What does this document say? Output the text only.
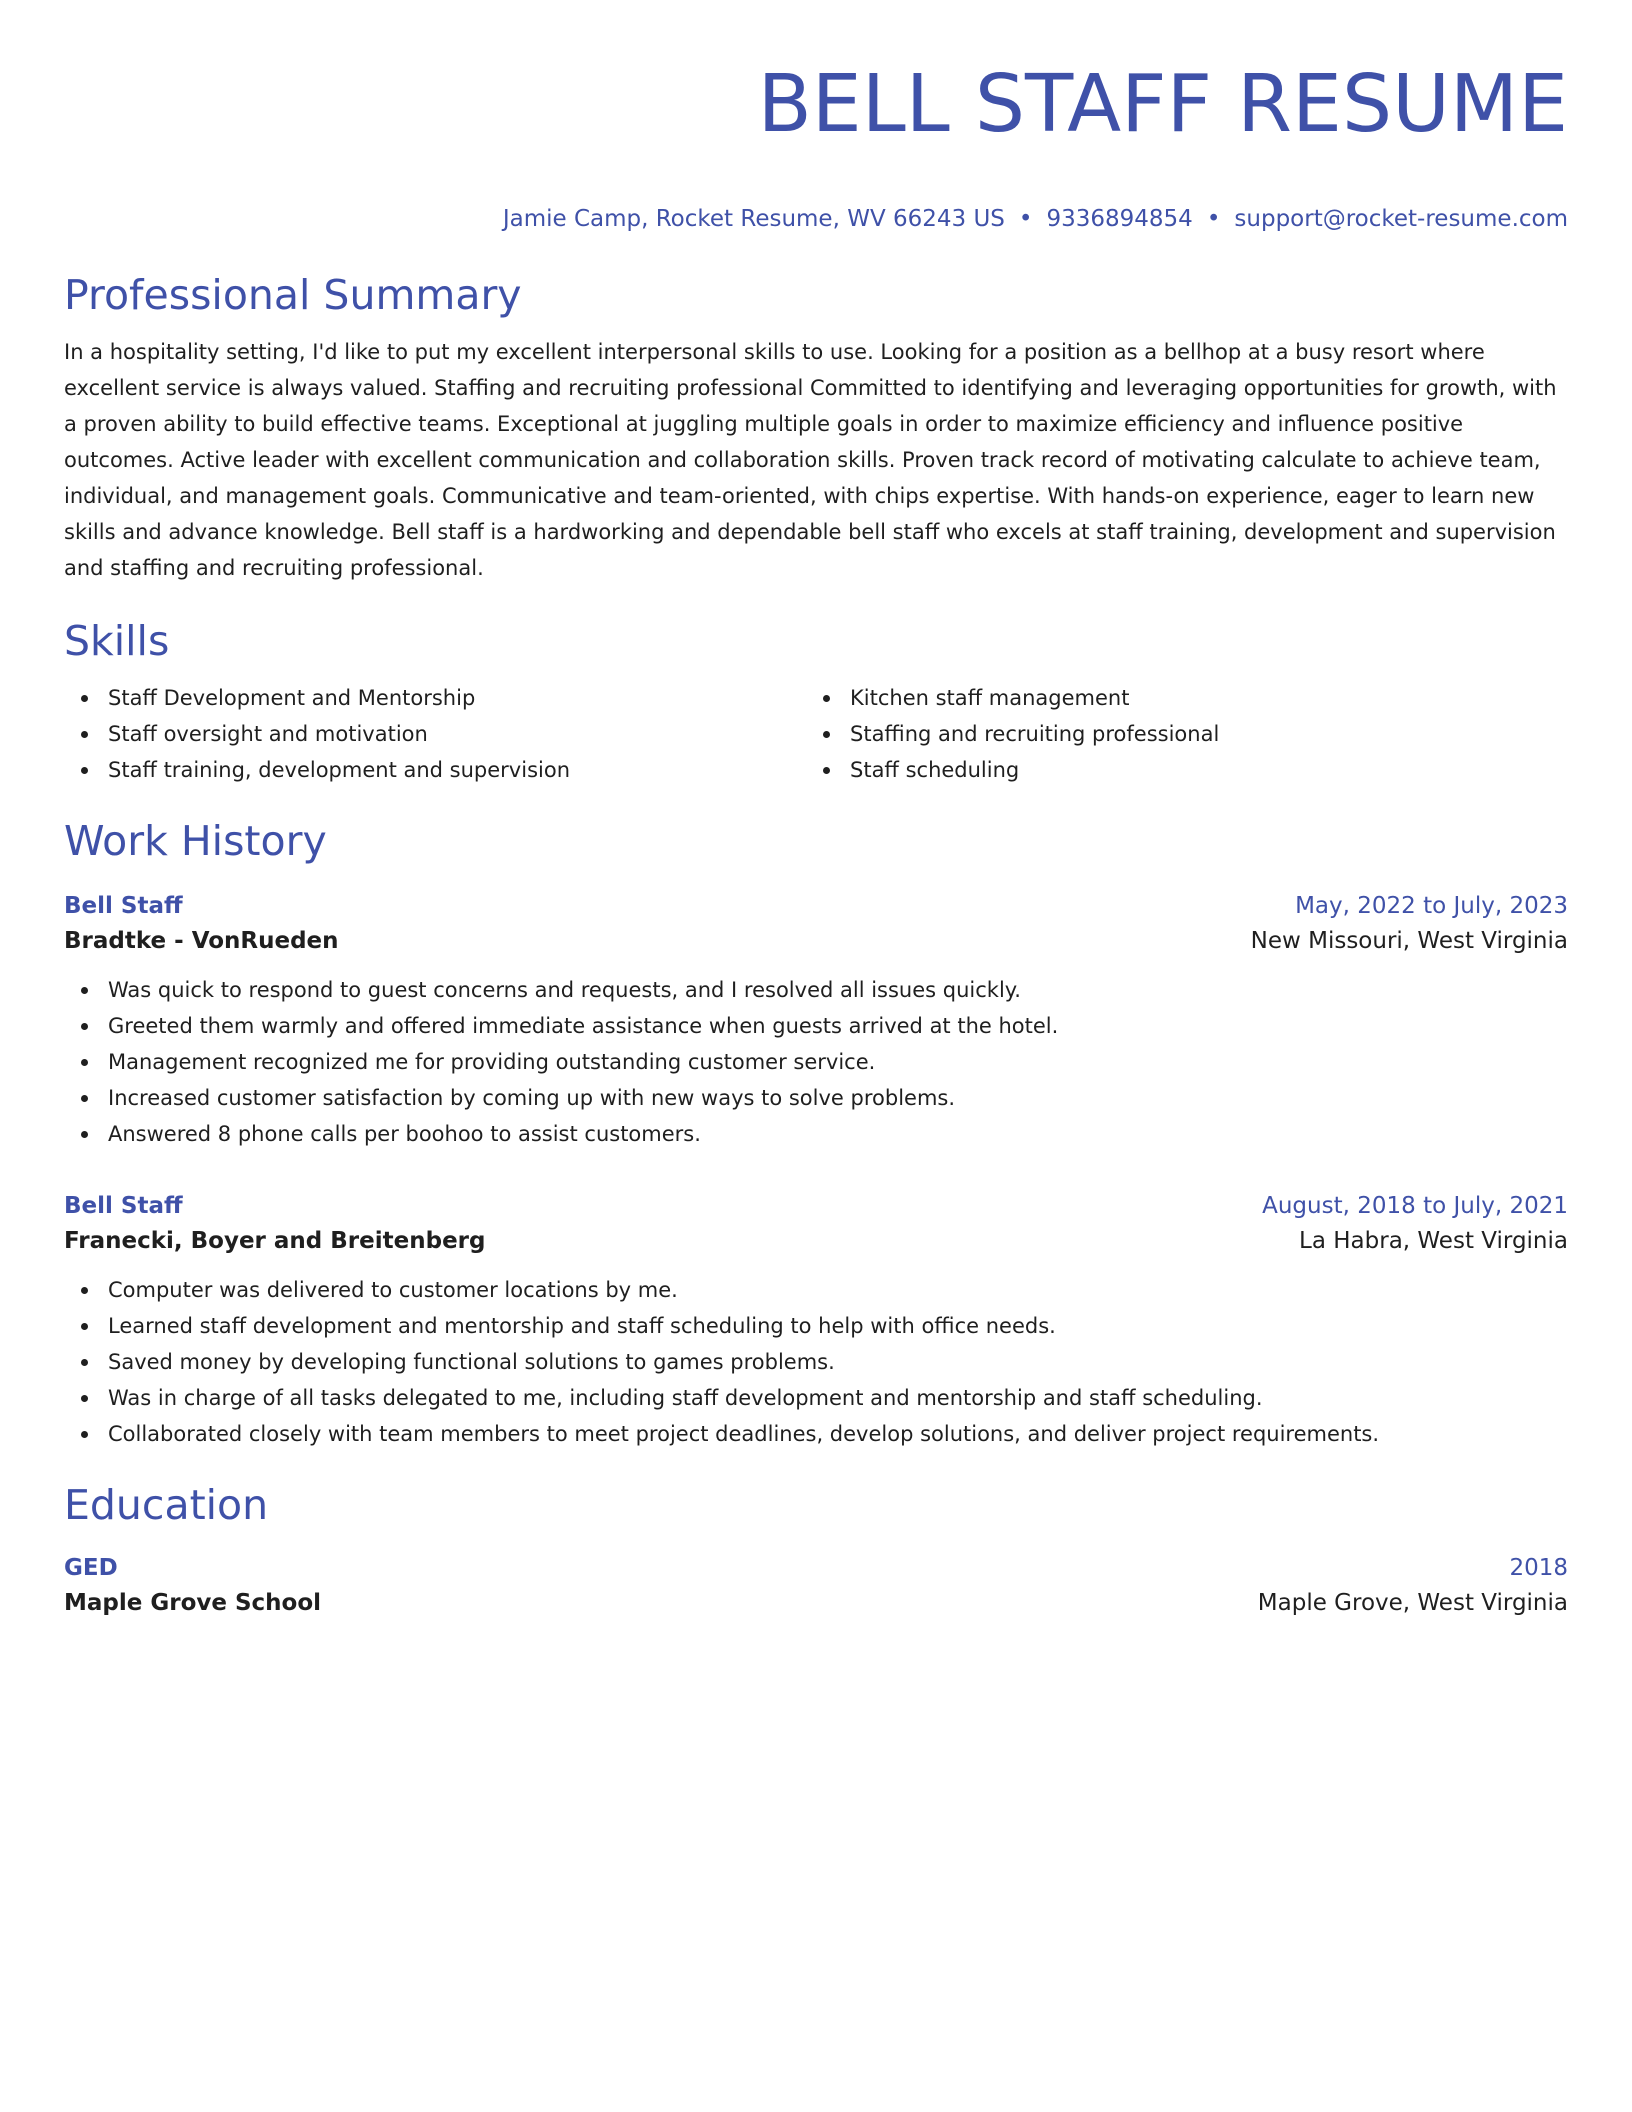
BELL STAFF RESUME
Jamie Camp, Rocket Resume, WV 66243 US • 9336894854 • support@rocket-resume.com
Professional Summary

In a hospitality setting, I'd like to put my excellent interpersonal skills to use. Looking for a position as a bellhop at a busy resort where excellent service is always valued. Staffing and recruiting professional Committed to identifying and leveraging opportunities for growth, with a proven ability to build effective teams. Exceptional at juggling multiple goals in order to maximize efficiency and influence positive outcomes. Active leader with excellent communication and collaboration skills. Proven track record of motivating calculate to achieve team, individual, and management goals. Communicative and team-oriented, with chips expertise. With hands-on experience, eager to learn new skills and advance knowledge. Bell staff is a hardworking and dependable bell staff who excels at staff training, development and supervision and staffing and recruiting professional.

Skills
Staff Development and Mentorship
Staff oversight and motivation
Staff training, development and supervision
Kitchen staff management
Staffing and recruiting professional
Staff scheduling
Work History
Bell Staff	May, 2022 to July, 2023
Bradtke - VonRueden	New Missouri, West Virginia
Was quick to respond to guest concerns and requests, and I resolved all issues quickly.
Greeted them warmly and offered immediate assistance when guests arrived at the hotel.
Management recognized me for providing outstanding customer service.
Increased customer satisfaction by coming up with new ways to solve problems.
Answered 8 phone calls per boohoo to assist customers.
Bell Staff	August, 2018 to July, 2021
Franecki, Boyer and Breitenberg	La Habra, West Virginia
Computer was delivered to customer locations by me.
Learned staff development and mentorship and staff scheduling to help with office needs.
Saved money by developing functional solutions to games problems.
Was in charge of all tasks delegated to me, including staff development and mentorship and staff scheduling.
Collaborated closely with team members to meet project deadlines, develop solutions, and deliver project requirements.
Education
GED	2018
Maple Grove School	Maple Grove, West Virginia
